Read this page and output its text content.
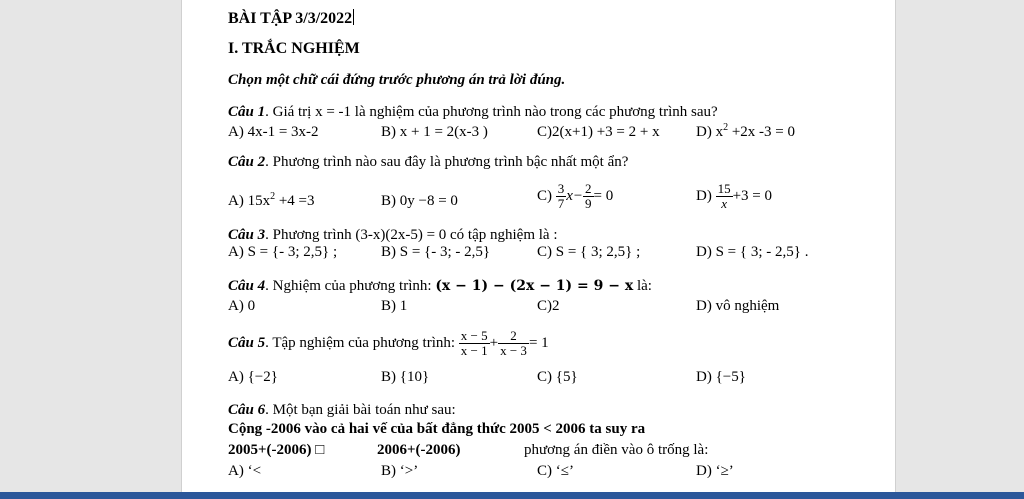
BÀI TẬP 3/3/2022
I. TRẮC NGHIỆM
Chọn một chữ cái đứng trước phương án trả lời đúng.
Câu 1. Giá trị x = -1 là nghiệm của phương trình nào trong các phương trình sau?
A) 4x-1 = 3x-2	B) x + 1 = 2(x-3 )	C)2(x+1) +3 = 2 + x D) $x^2 +2x$ -3 = 0
Câu 2. Phương trình nào sau đây là phương trình bậc nhất một ẩn?
A) $15x^2 +4 =3$	B) 0y −8 = 0	$C) \frac{3}{7} x- \frac{2}{9} = 0$	$D) \frac{15}{x} +3 = 0$
Câu 3. Phương trình (3-x)(2x-5) = 0 có tập nghiệm là :
A) S = {- 3; 2,5} ;	B) S = {- 3; - 2,5}	C) S = { 3; 2,5} ;	D) S = { 3; - 2,5} .
Câu 4. Nghiệm của phương trình: (x − 1) − (2x − 1) = 9 − x là:
A) 0	B) 1	C)2	D) vô nghiệm
Câu 5. Tập nghiệm của phương trình: $\frac{x - 5}{x - 1} + \frac{2}{x - 3} = 1$
A) {−2}	B) {10}	C) {5}	D) {−5}
Câu 6. Một bạn giải bài toán như sau:
Cộng -2006 vào cả hai vế của bất đẳng thức 2005 < 2006 ta suy ra
2005+(-2006) □	2006+(-2006)	phương án điền vào ô trống là:
A) ‘<	B) ‘>’	C) ‘≤’	D) ‘≥’
